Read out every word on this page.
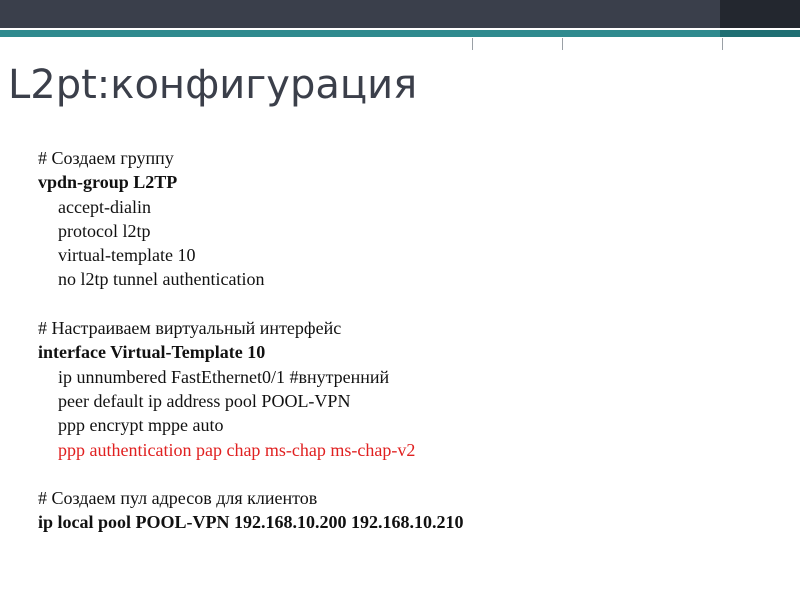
L2pt:конфигурация
# Создаем группу
vpdn-group L2TP
accept-dialin
protocol l2tp
virtual-template 10
no l2tp tunnel authentication
# Настраиваем виртуальный интерфейс
interface Virtual-Template 10
ip unnumbered FastEthernet0/1 #внутренний
peer default ip address pool POOL-VPN
ppp encrypt mppe auto
ppp authentication pap chap ms-chap ms-chap-v2
# Создаем пул адресов для клиентов
ip local pool POOL-VPN 192.168.10.200 192.168.10.210
